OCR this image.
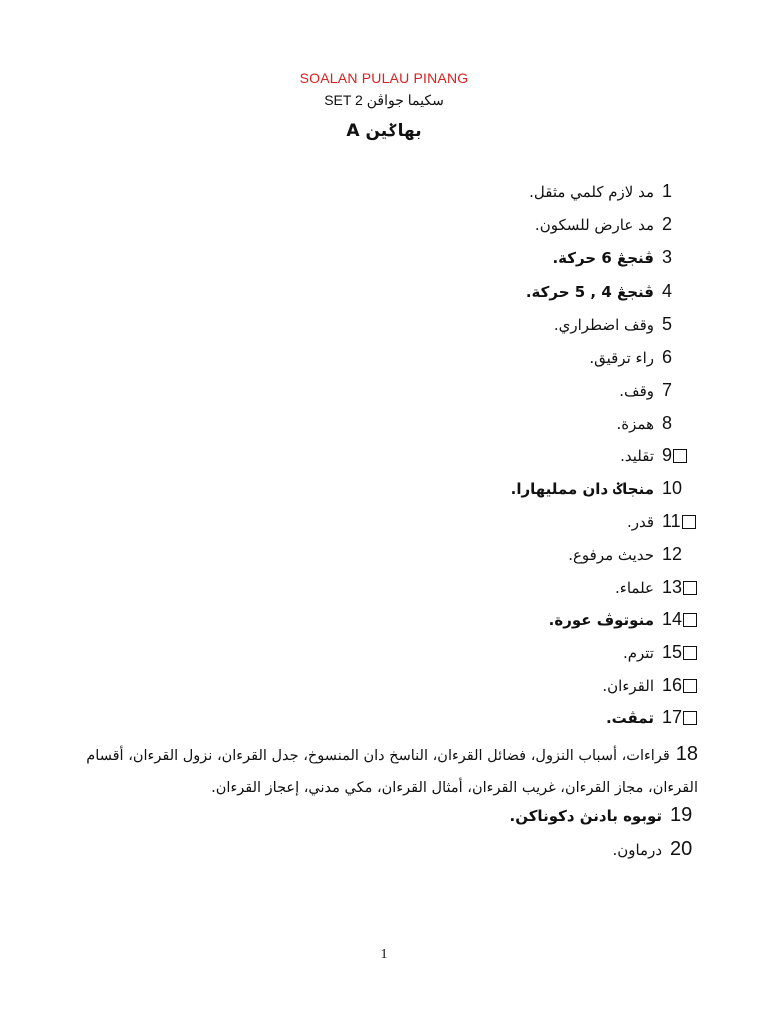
SOALAN PULAU PINANG
سكيما جواڤن SET 2
بهاݢين A
مد لازم كلمي مثقل. 1
مد عارض للسكون. 2
ڤنجڠ 6 حركة. 3
ڤنجڠ 4 , 5 حركة. 4
وقف اضطراري. 5
راء ترقيق. 6
وقف. 7
همزة. 8
تقليد. 9
منجاݢ دان مملیهارا. 10
قدر. 11
حديث مرفوع. 12
علماء. 13
منوتوڤ عورة. 14
تترم. 15
القرءان. 16
تمڤت. 17
18قراءات، أسباب النزول، فضائل القرءان، الناسخ دان المنسوخ، جدل القرءان، نزول القرءان، أقسام القرءان، مجاز القرءان، غريب القرءان، أمثال القرءان، مكي مدني، إعجاز القرءان.
توبوه بادنڽ دكوناكن. 19
درماون. 20
1
